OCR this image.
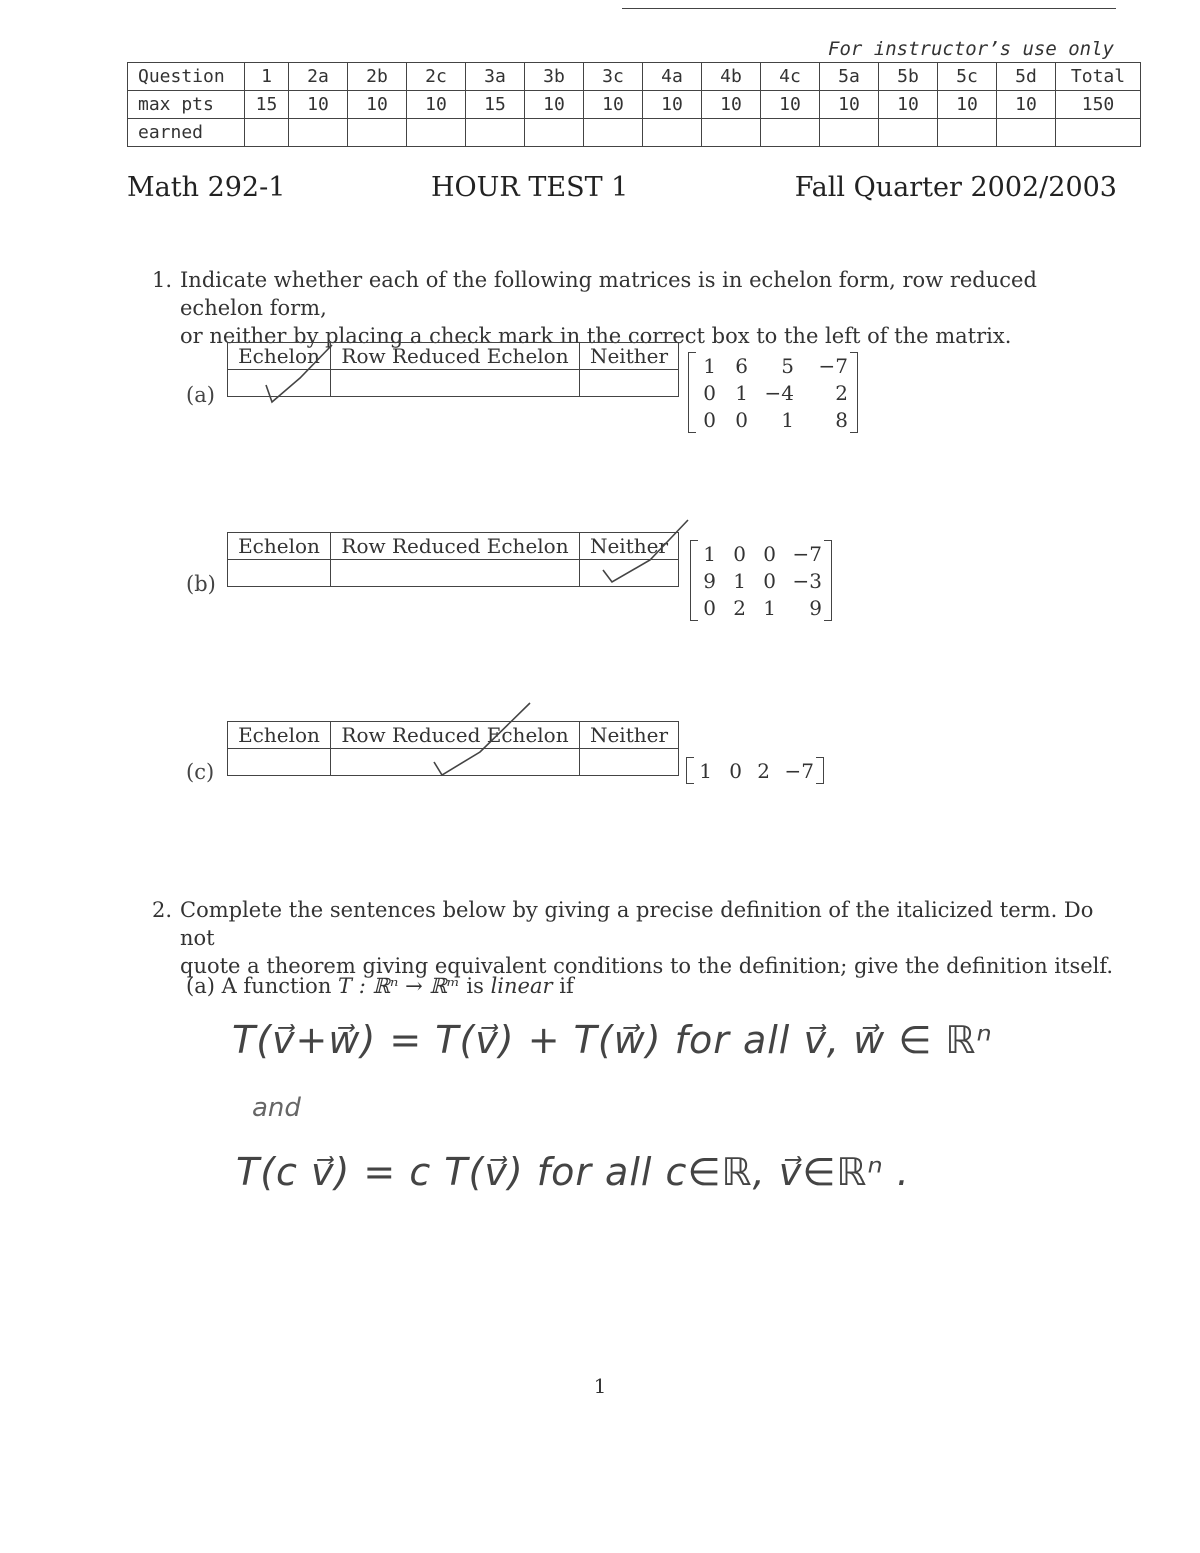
For instructor’s use only
Question	1	2a	2b	2c	3a	3b	3c	4a	4b	4c	5a	5b	5c	5d	Total
max pts	15	10	10	10	15	10	10	10	10	10	10	10	10	10	150
earned															
Math 292-1	HOUR TEST 1	Fall Quarter 2002/2003
1. Indicate whether each of the following matrices is in echelon form, row reduced echelon form,
or neither by placing a check mark in the correct box to the left of the matrix.
Echelon	Row Reduced Echelon	Neither

(a)
1	6	5	−7
0	1	−4	2
0	0	1	8
Echelon	Row Reduced Echelon	Neither

(b)
1	0	0	−7
9	1	0	−3
0	2	1	9
Echelon	Row Reduced Echelon	Neither

(c)	1	0	2	−7
2. Complete the sentences below by giving a precise definition of the italicized term. Do not
quote a theorem giving equivalent conditions to the definition; give the definition itself.
(a) A function T : ℝⁿ → ℝᵐ is linear if
T(v⃗+w⃗) = T(v⃗) + T(w⃗) for all v⃗, w⃗ ∈ ℝⁿ
and
T(c v⃗) = c T(v⃗) for all c∈ℝ, v⃗∈ℝⁿ .
1
